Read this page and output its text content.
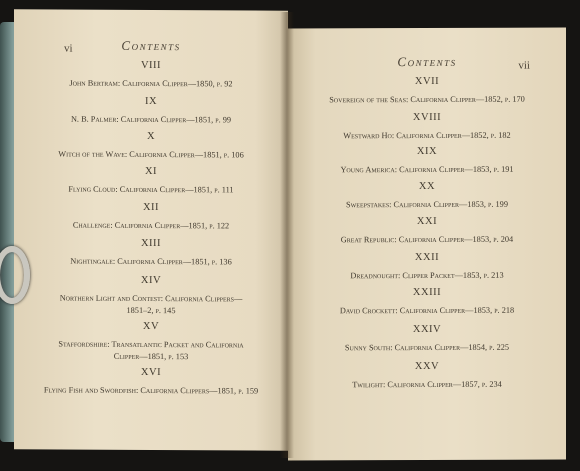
vi	Contents
VIII
John Bertram: California Clipper—1850, p. 92
IX
N. B. Palmer: California Clipper—1851, p. 99
X
Witch of the Wave: California Clipper—1851, p. 106
XI
Flying Cloud: California Clipper—1851, p. 111
XII
Challenge: California Clipper—1851, p. 122
XIII
Nightingale: California Clipper—1851, p. 136
XIV
Northern Light and Contest: California Clippers—1851–2, p. 145
XV
Staffordshire: Transatlantic Packet and California Clipper—1851, p. 153
XVI
Flying Fish and Swordfish: California Clippers—1851, p. 159
vii
Contents
XVII
Sovereign of the Seas: California Clipper—1852, p. 170
XVIII
Westward Ho: California Clipper—1852, p. 182
XIX
Young America: California Clipper—1853, p. 191
XX
Sweepstakes: California Clipper—1853, p. 199
XXI
Great Republic: California Clipper—1853, p. 204
XXII
Dreadnought: Clipper Packet—1853, p. 213
XXIII
David Crockett: California Clipper—1853, p. 218
XXIV
Sunny South: California Clipper—1854, p. 225
XXV
Twilight: California Clipper—1857, p. 234
